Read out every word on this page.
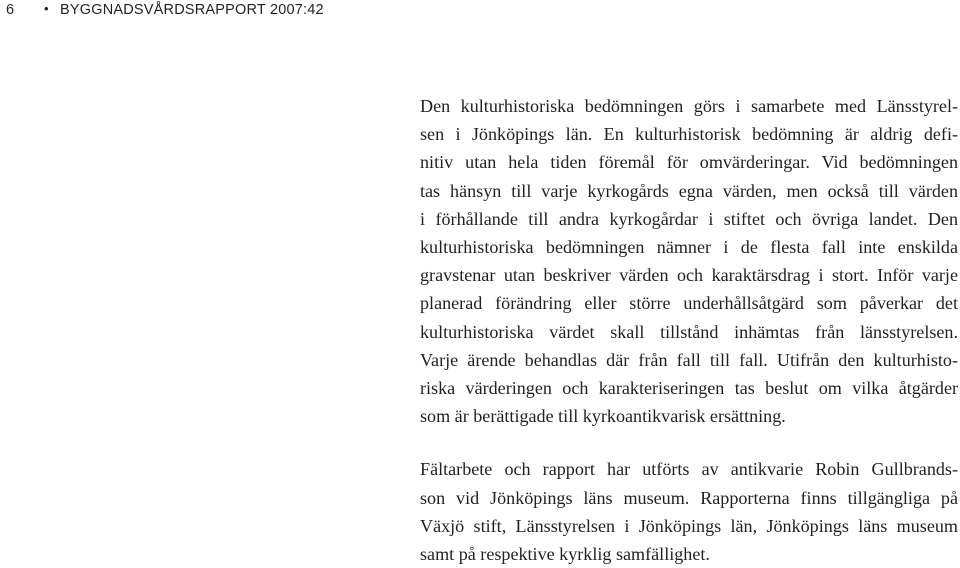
6 • BYGGNADSVÅRDSRAPPORT 2007:42

Den kulturhistoriska bedömningen görs i samarbete med Länsstyrel-
sen i Jönköpings län. En kulturhistorisk bedömning är aldrig defi-
nitiv utan hela tiden föremål för omvärderingar. Vid bedömningen
tas hänsyn till varje kyrkogårds egna värden, men också till värden
i förhållande till andra kyrkogårdar i stiftet och övriga landet. Den
kulturhistoriska bedömningen nämner i de flesta fall inte enskilda
gravstenar utan beskriver värden och karaktärsdrag i stort. Inför varje
planerad förändring eller större underhållsåtgärd som påverkar det
kulturhistoriska värdet skall tillstånd inhämtas från länsstyrelsen.
Varje ärende behandlas där från fall till fall. Utifrån den kulturhisto-
riska värderingen och karakteriseringen tas beslut om vilka åtgärder
som är berättigade till kyrkoantikvarisk ersättning.

Fältarbete och rapport har utförts av antikvarie Robin Gullbrands-
son vid Jönköpings läns museum. Rapporterna finns tillgängliga på
Växjö stift, Länsstyrelsen i Jönköpings län, Jönköpings läns museum
samt på respektive kyrklig samfällighet.
